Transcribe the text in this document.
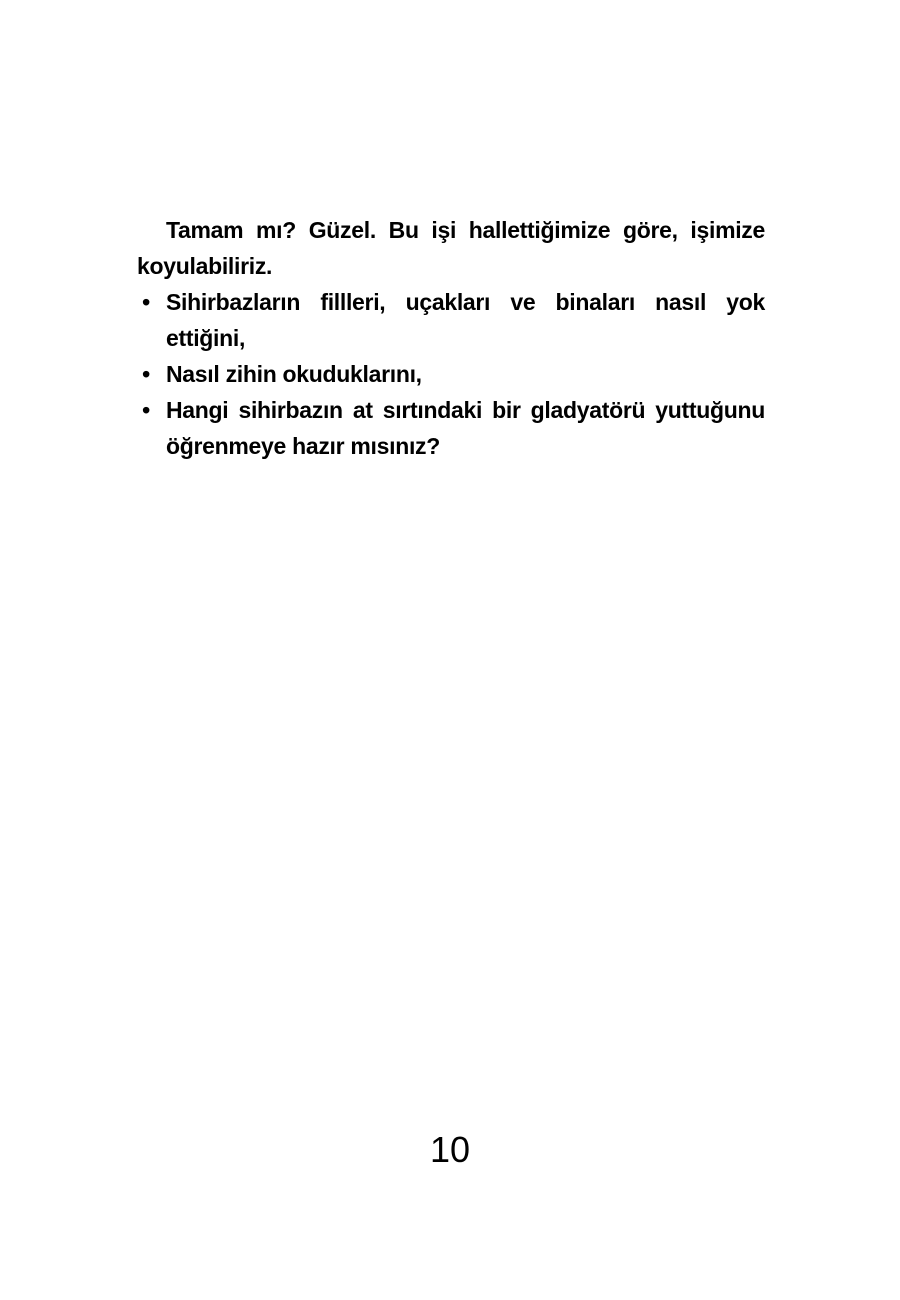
Tamam mı? Güzel. Bu işi hallettiğimize göre, işimize koyulabiliriz.

• Sihirbazların fillleri, uçakları ve binaları nasıl yok ettiğini,
• Nasıl zihin okuduklarını,
• Hangi sihirbazın at sırtındaki bir gladyatörü yuttuğunu öğrenmeye hazır mısınız?
10
